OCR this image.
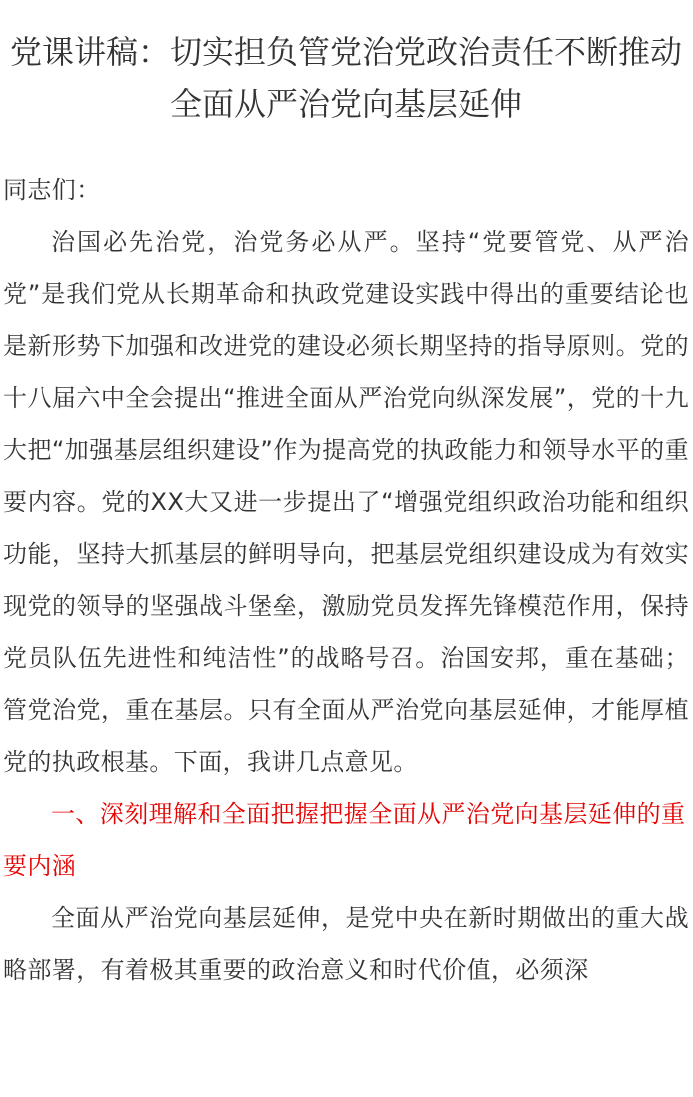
党课讲稿：切实担负管党治党政治责任不断推动全面从严治党向基层延伸

同志们：

治国必先治党，治党务必从严。坚持“党要管党、从严治党”是我们党从长期革命和执政党建设实践中得出的重要结论也是新形势下加强和改进党的建设必须长期坚持的指导原则。党的十八届六中全会提出“推进全面从严治党向纵深发展”，党的十九大把“加强基层组织建设”作为提高党的执政能力和领导水平的重要内容。党的XX大又进一步提出了“增强党组织政治功能和组织功能，坚持大抓基层的鲜明导向，把基层党组织建设成为有效实现党的领导的坚强战斗堡垒，激励党员发挥先锋模范作用，保持党员队伍先进性和纯洁性”的战略号召。治国安邦，重在基础；管党治党，重在基层。只有全面从严治党向基层延伸，才能厚植党的执政根基。下面，我讲几点意见。

一、深刻理解和全面把握把握全面从严治党向基层延伸的重要内涵

全面从严治党向基层延伸，是党中央在新时期做出的重大战略部署，有着极其重要的政治意义和时代价值，必须深
